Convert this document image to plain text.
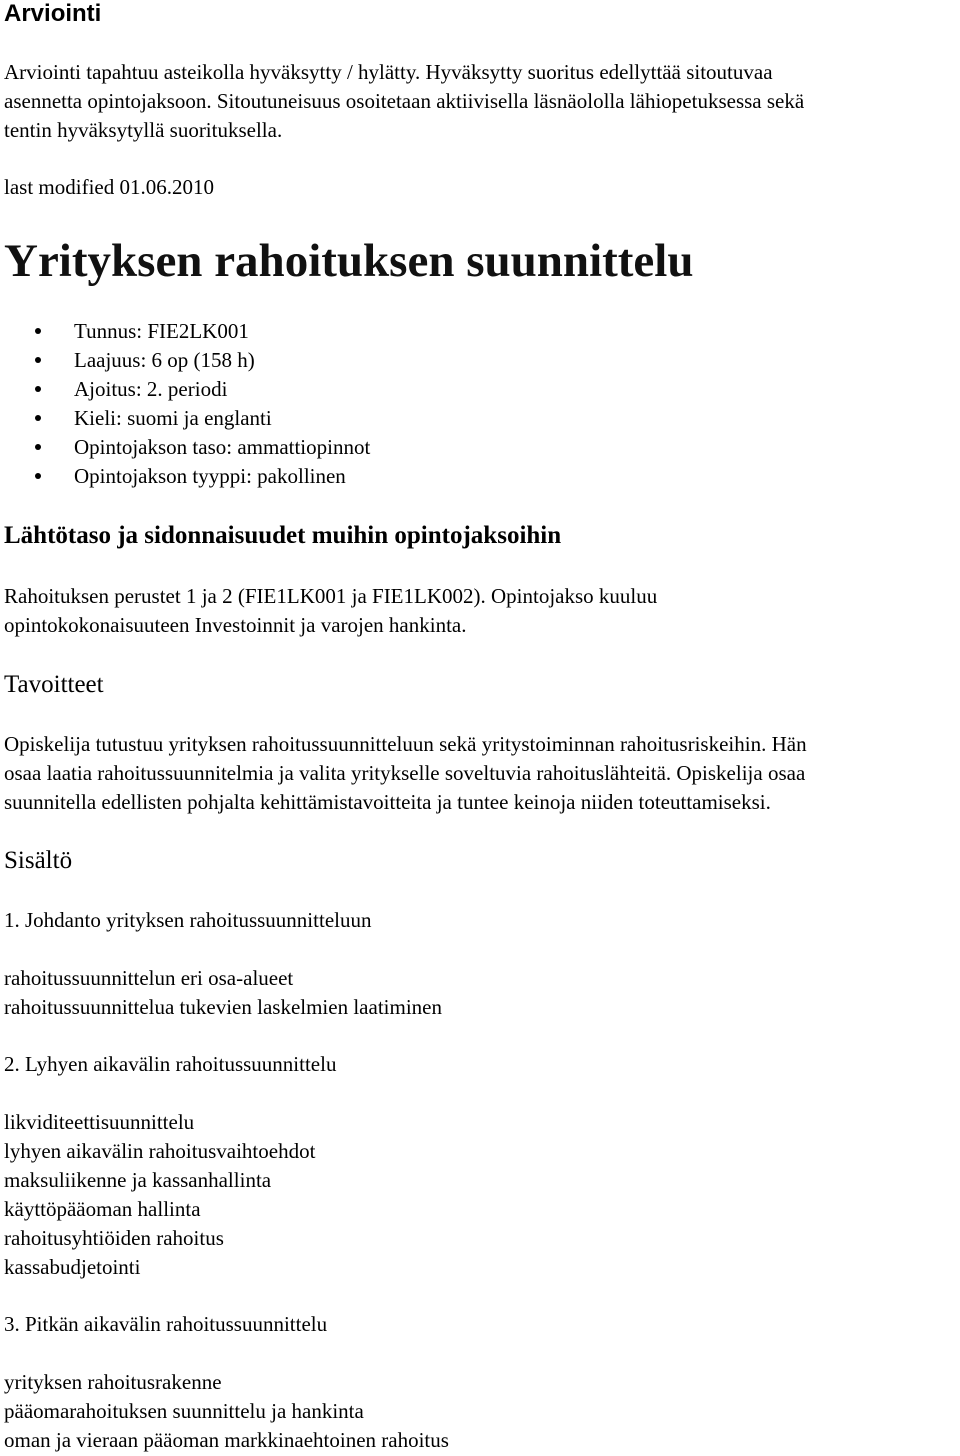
Arviointi
Arviointi tapahtuu asteikolla hyväksytty / hylätty. Hyväksytty suoritus edellyttää sitoutuvaa
asennetta opintojaksoon. Sitoutuneisuus osoitetaan aktiivisella läsnäololla lähiopetuksessa sekä
tentin hyväksytyllä suorituksella.
last modified 01.06.2010
Yrityksen rahoituksen suunnittelu
Tunnus: FIE2LK001
Laajuus: 6 op (158 h)
Ajoitus: 2. periodi
Kieli: suomi ja englanti
Opintojakson taso: ammattiopinnot
Opintojakson tyyppi: pakollinen
Lähtötaso ja sidonnaisuudet muihin opintojaksoihin
Rahoituksen perustet 1 ja 2 (FIE1LK001 ja FIE1LK002). Opintojakso kuuluu
opintokokonaisuuteen Investoinnit ja varojen hankinta.
Tavoitteet
Opiskelija tutustuu yrityksen rahoitussuunnitteluun sekä yritystoiminnan rahoitusriskeihin. Hän
osaa laatia rahoitussuunnitelmia ja valita yritykselle soveltuvia rahoituslähteitä. Opiskelija osaa
suunnitella edellisten pohjalta kehittämistavoitteita ja tuntee keinoja niiden toteuttamiseksi.
Sisältö
1. Johdanto yrityksen rahoitussuunnitteluun
rahoitussuunnittelun eri osa-alueet
rahoitussuunnittelua tukevien laskelmien laatiminen
2. Lyhyen aikavälin rahoitussuunnittelu
likviditeettisuunnittelu
lyhyen aikavälin rahoitusvaihtoehdot
maksuliikenne ja kassanhallinta
käyttöpääoman hallinta
rahoitusyhtiöiden rahoitus
kassabudjetointi
3. Pitkän aikavälin rahoitussuunnittelu
yrityksen rahoitusrakenne
pääomarahoituksen suunnittelu ja hankinta
oman ja vieraan pääoman markkinaehtoinen rahoitus
